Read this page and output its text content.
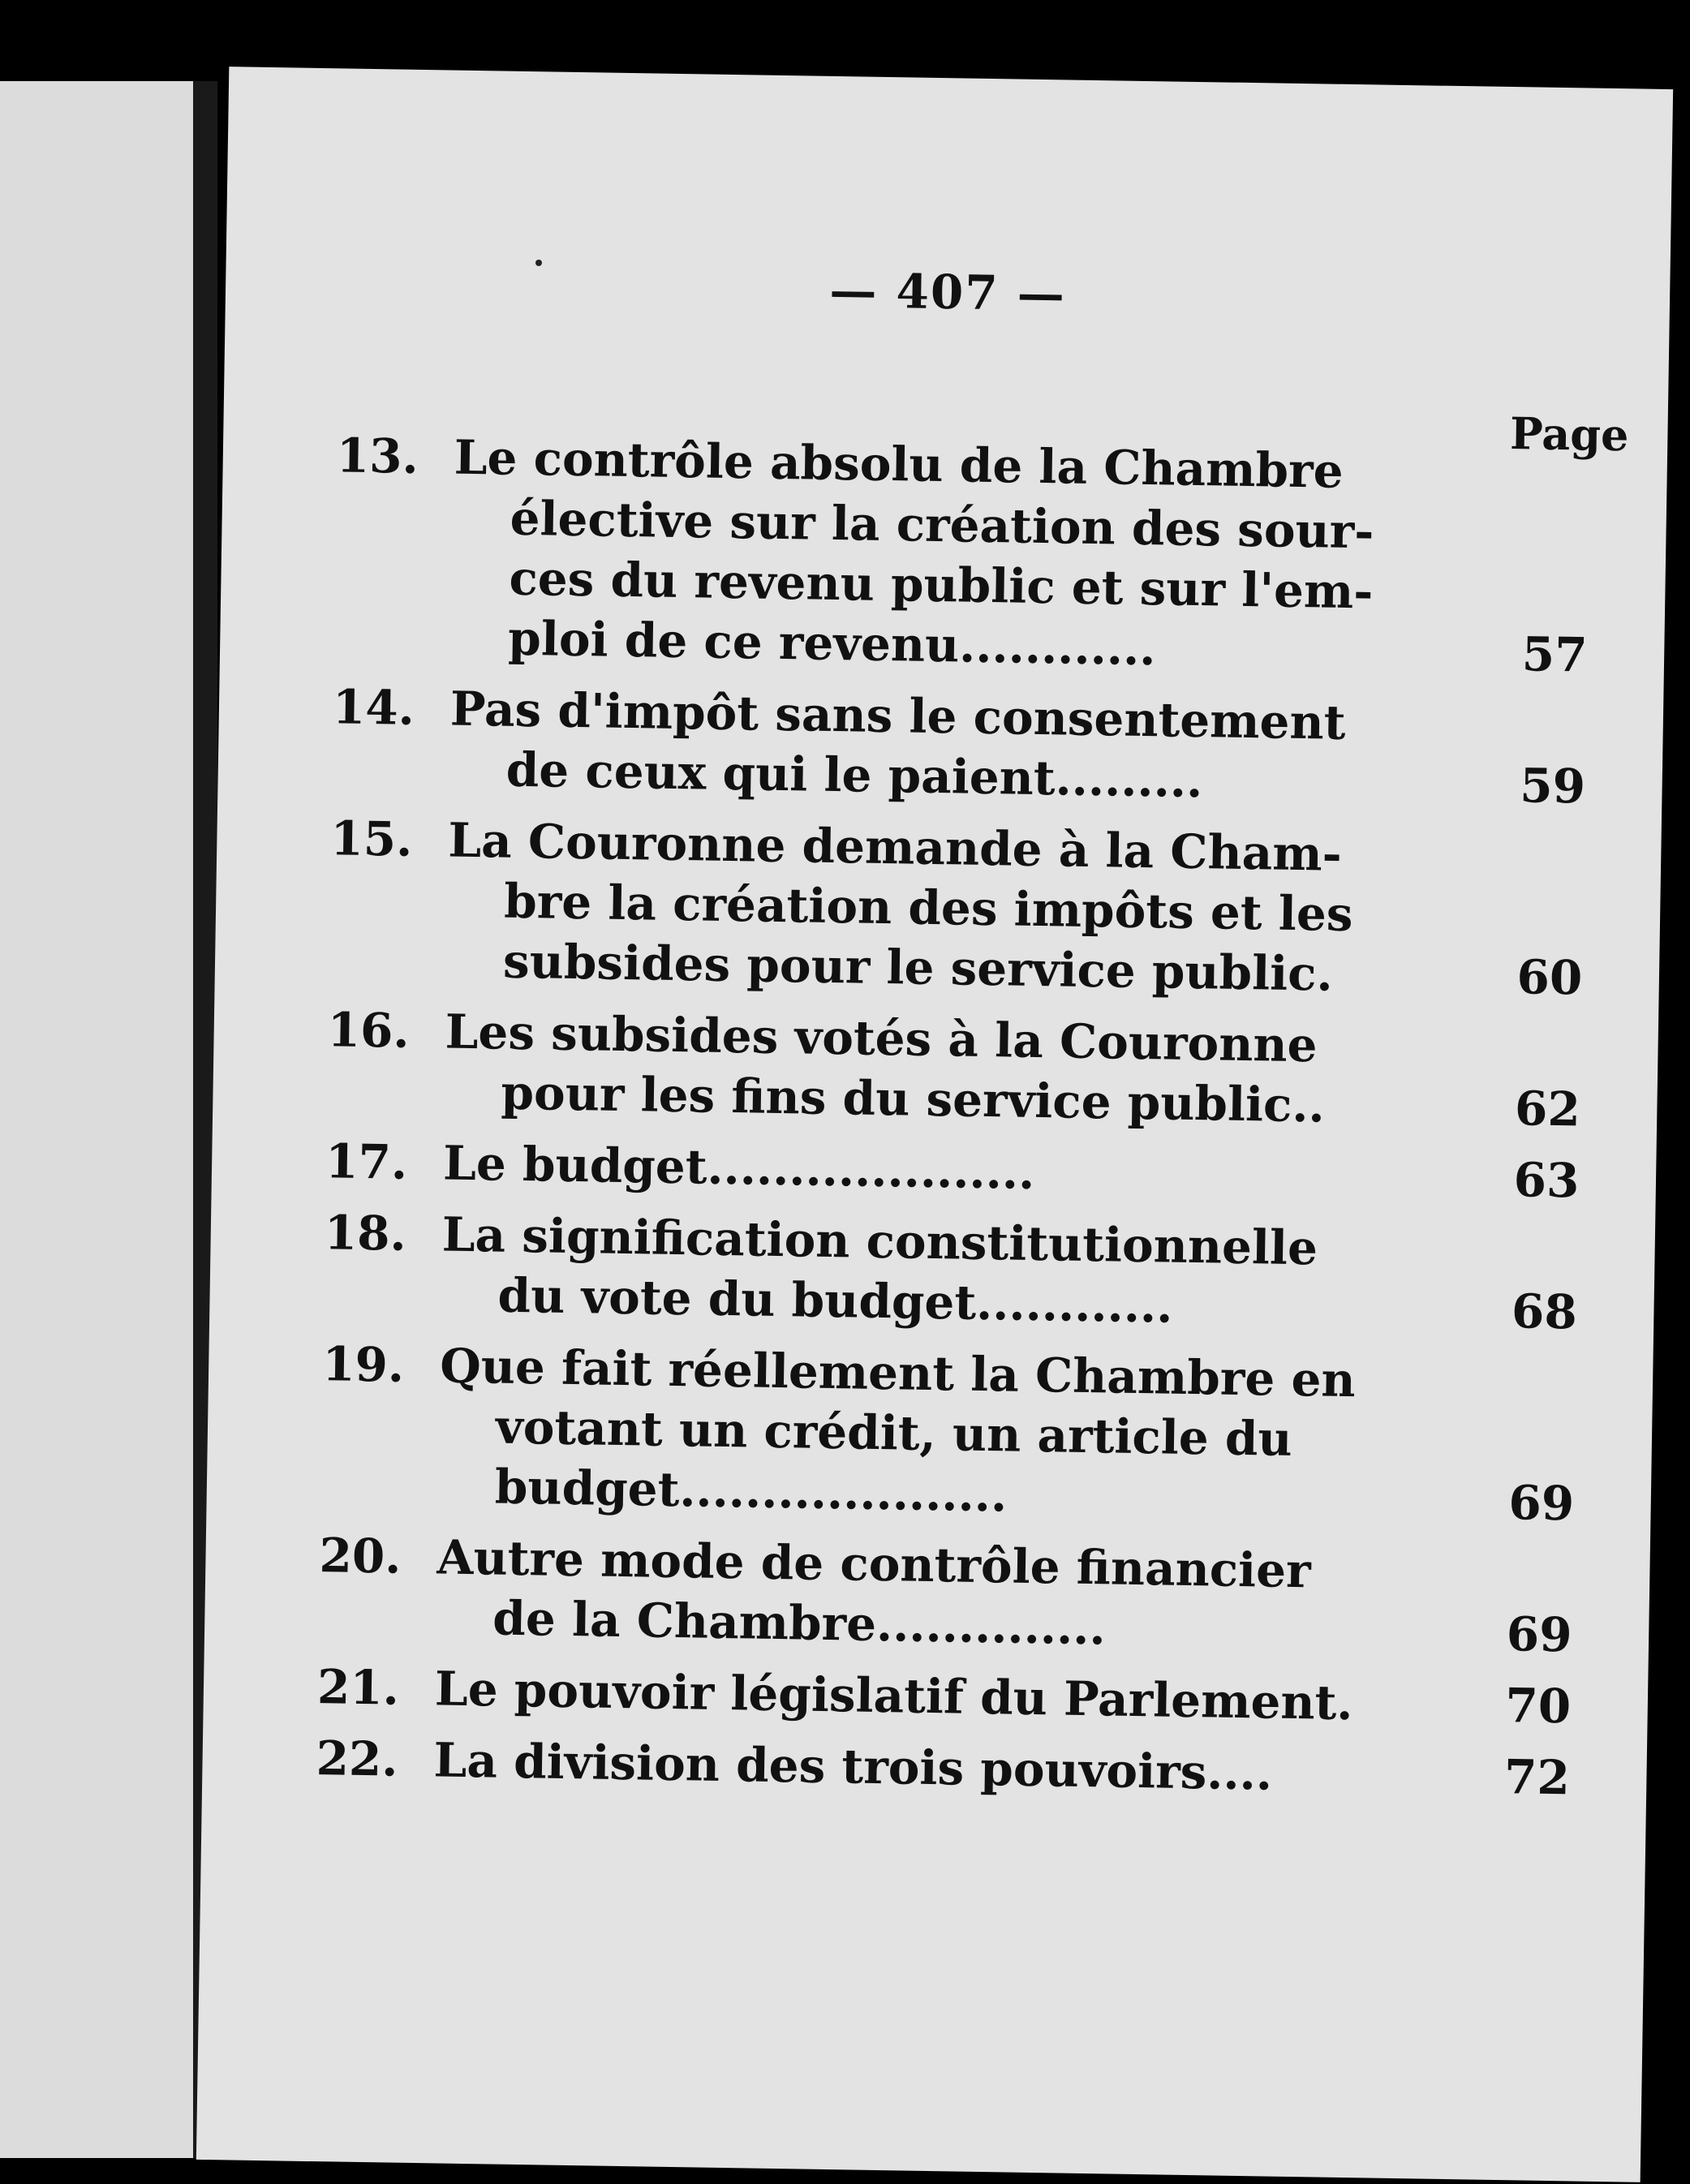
— 407 —
Page
13. Le contrôle absolu de la Chambre
élective sur la création des sour-
ces du revenu public et sur l'em-
ploi de ce revenu............	57
14. Pas d'impôt sans le consentement
de ceux qui le paient.........	59
15. La Couronne demande à la Cham-
bre la création des impôts et les
subsides pour le service public.	60
16. Les subsides votés à la Couronne
pour les fins du service public..	62
17. Le budget....................	63
18. La signification constitutionnelle
du vote du budget............	68
19. Que fait réellement la Chambre en
votant un crédit, un article du
budget....................	69
20. Autre mode de contrôle financier
de la Chambre..............	69
21. Le pouvoir législatif du Parlement.	70
22. La division des trois pouvoirs....	72
